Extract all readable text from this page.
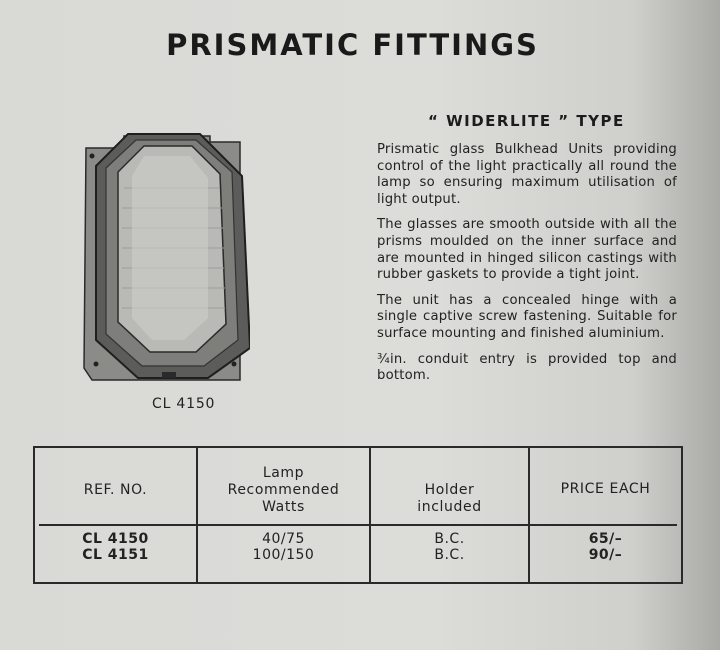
PRISMATIC FITTINGS
CL 4150
“ WIDERLITE ” TYPE

Prismatic glass Bulkhead Units providing control of the light practically all round the lamp so ensuring maximum utilisation of light output.

The glasses are smooth outside with all the prisms moulded on the inner surface and are mounted in hinged silicon castings with rubber gaskets to provide a tight joint.

The unit has a concealed hinge with a single captive screw fastening. Suitable for surface mounting and finished aluminium.

¾in. conduit entry is provided top and bottom.

REF. NO.
Lamp
Recommended
Watts
Holder
included
PRICE EACH
CL 4150
CL 4151
40/75
100/150
B.C.
B.C.
65/–
90/–
